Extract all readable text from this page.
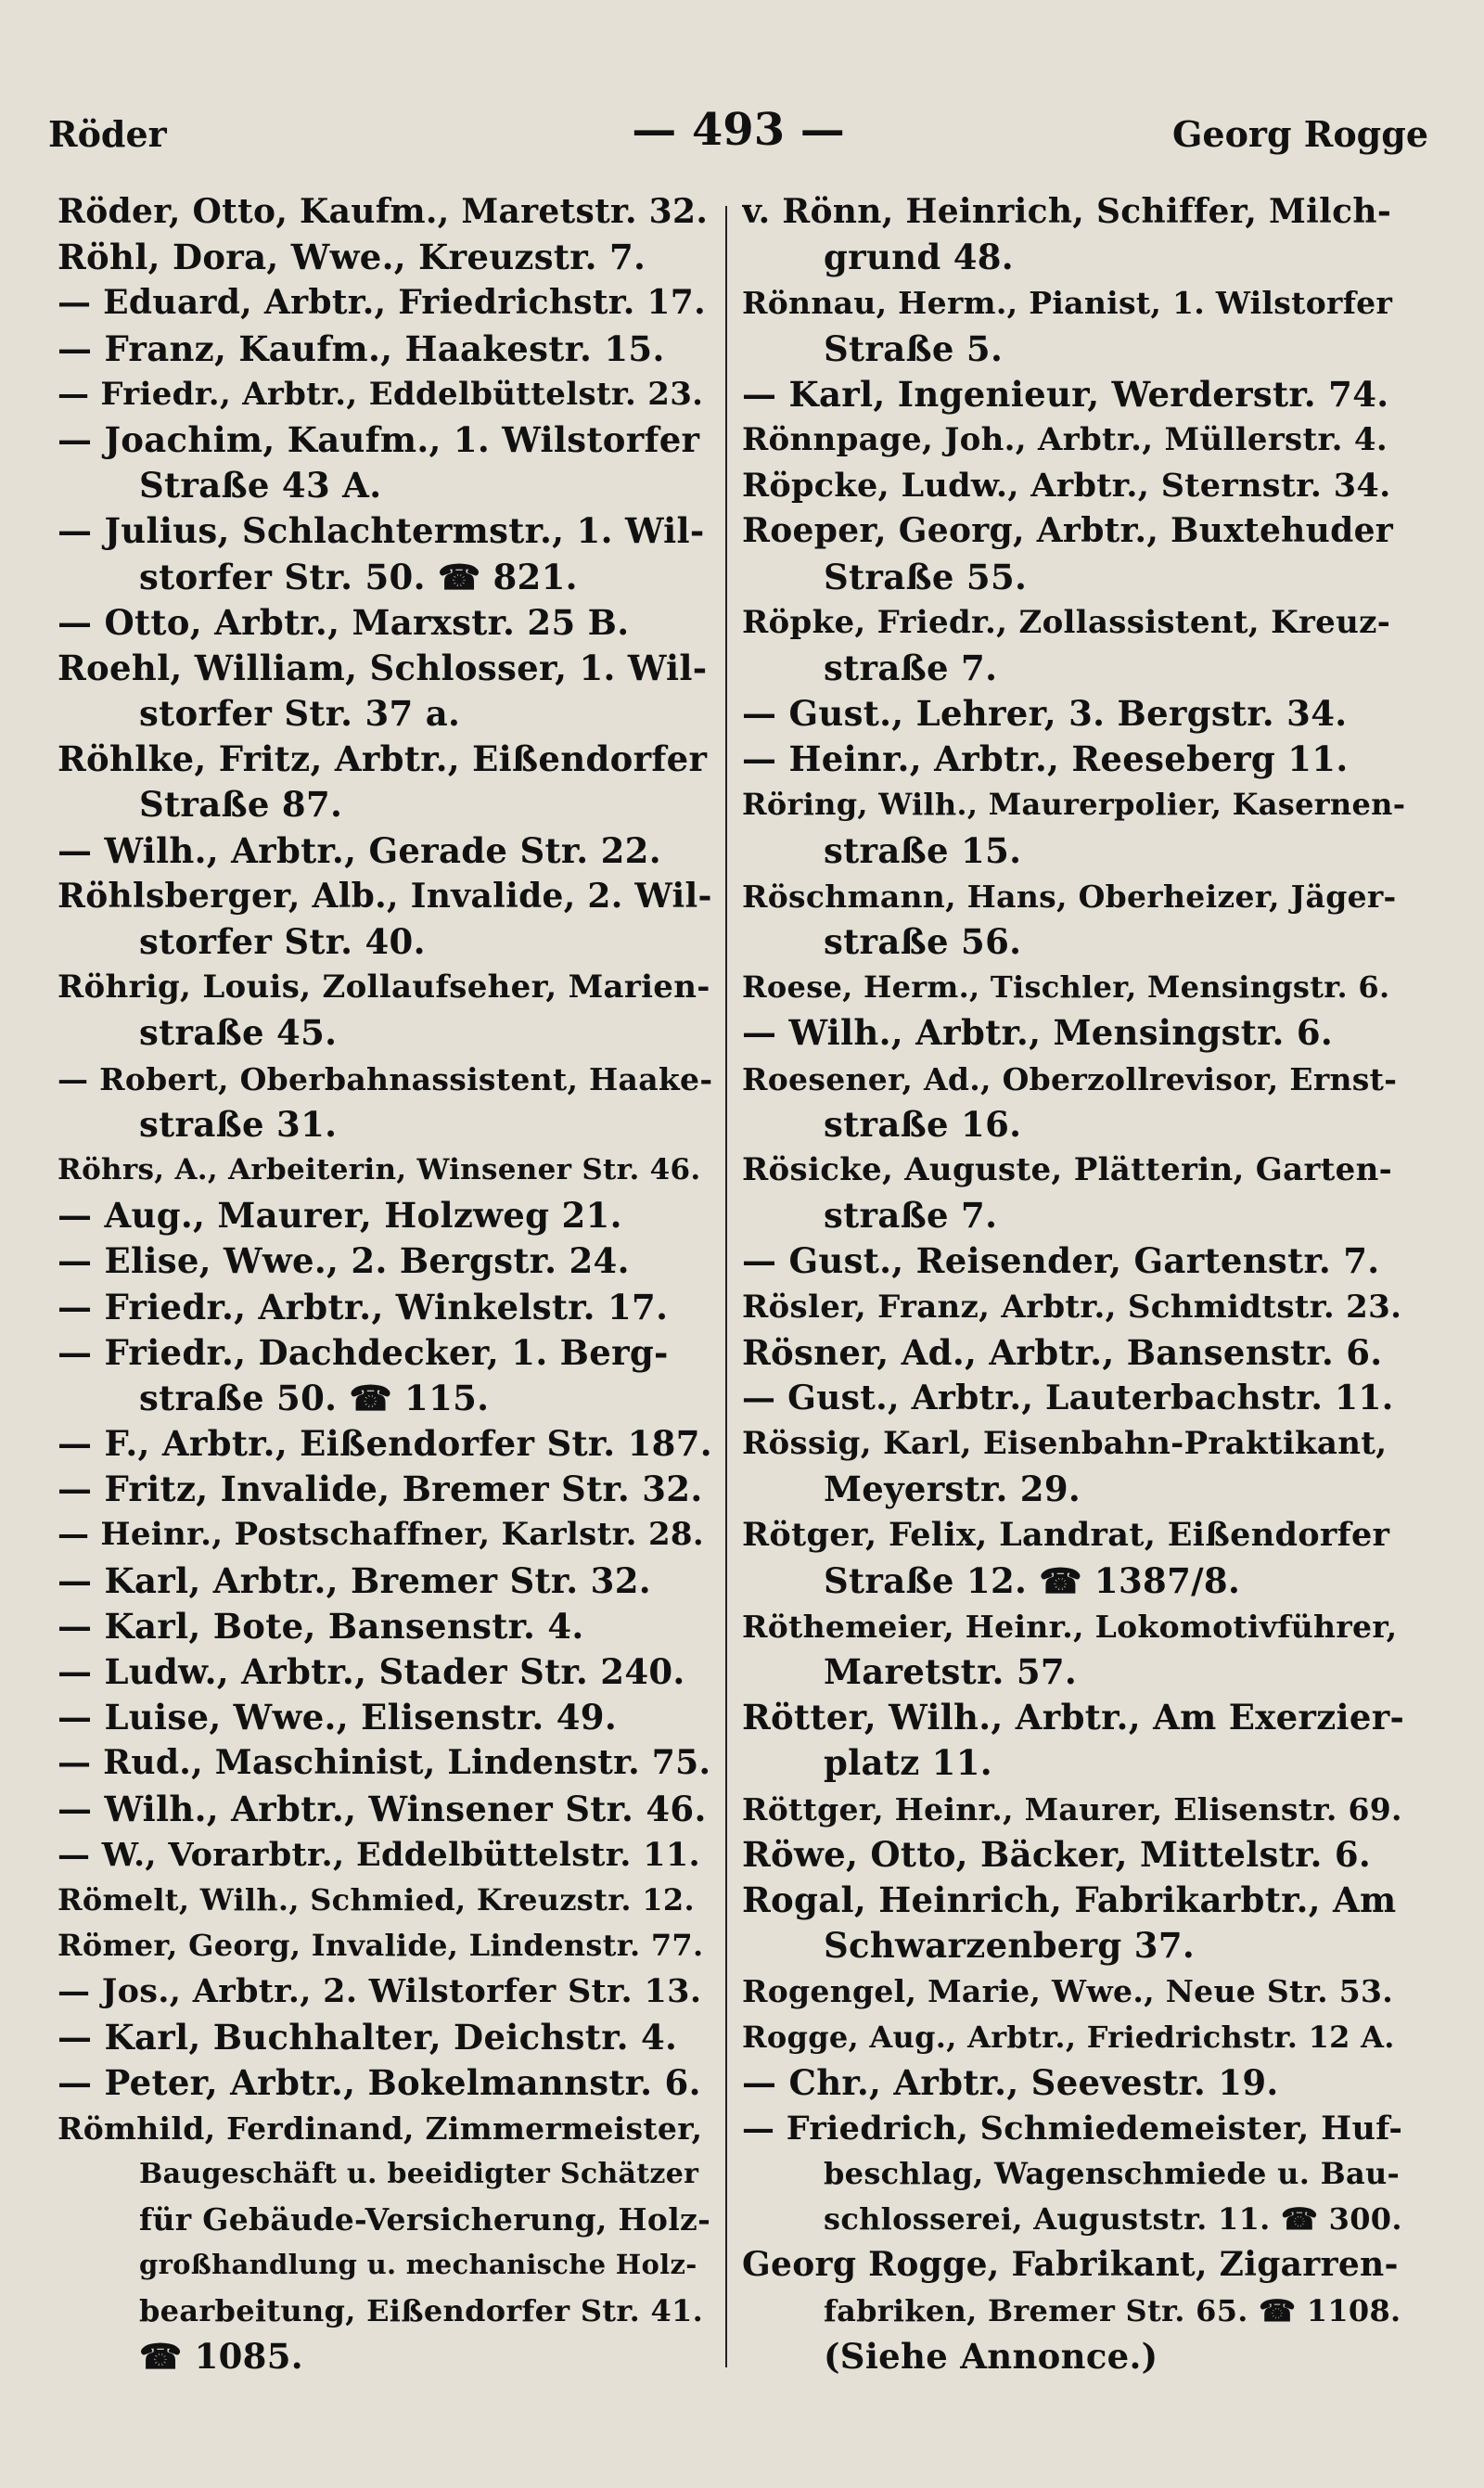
Röder	— 493 —	Georg Rogge
Röder, Otto, Kaufm., Maretstr. 32.
Röhl, Dora, Wwe., Kreuzstr. 7.
— Eduard, Arbtr., Friedrichstr. 17.
— Franz, Kaufm., Haakestr. 15.
— Friedr., Arbtr., Eddelbüttelstr. 23.
— Joachim, Kaufm., 1. Wilstorfer
Straße 43 A.
— Julius, Schlachtermstr., 1. Wil-
storfer Str. 50. ☎ 821.
— Otto, Arbtr., Marxstr. 25 B.
Roehl, William, Schlosser, 1. Wil-
storfer Str. 37 a.
Röhlke, Fritz, Arbtr., Eißendorfer
Straße 87.
— Wilh., Arbtr., Gerade Str. 22.
Röhlsberger, Alb., Invalide, 2. Wil-
storfer Str. 40.
Röhrig, Louis, Zollaufseher, Marien-
straße 45.
— Robert, Oberbahnassistent, Haake-
straße 31.
Röhrs, A., Arbeiterin, Winsener Str. 46.
— Aug., Maurer, Holzweg 21.
— Elise, Wwe., 2. Bergstr. 24.
— Friedr., Arbtr., Winkelstr. 17.
— Friedr., Dachdecker, 1. Berg-
straße 50. ☎ 115.
— F., Arbtr., Eißendorfer Str. 187.
— Fritz, Invalide, Bremer Str. 32.
— Heinr., Postschaffner, Karlstr. 28.
— Karl, Arbtr., Bremer Str. 32.
— Karl, Bote, Bansenstr. 4.
— Ludw., Arbtr., Stader Str. 240.
— Luise, Wwe., Elisenstr. 49.
— Rud., Maschinist, Lindenstr. 75.
— Wilh., Arbtr., Winsener Str. 46.
— W., Vorarbtr., Eddelbüttelstr. 11.
Römelt, Wilh., Schmied, Kreuzstr. 12.
Römer, Georg, Invalide, Lindenstr. 77.
— Jos., Arbtr., 2. Wilstorfer Str. 13.
— Karl, Buchhalter, Deichstr. 4.
— Peter, Arbtr., Bokelmannstr. 6.
Römhild, Ferdinand, Zimmermeister,
Baugeschäft u. beeidigter Schätzer
für Gebäude-Versicherung, Holz-
großhandlung u. mechanische Holz-
bearbeitung, Eißendorfer Str. 41.
☎ 1085.
v. Rönn, Heinrich, Schiffer, Milch-
grund 48.
Rönnau, Herm., Pianist, 1. Wilstorfer
Straße 5.
— Karl, Ingenieur, Werderstr. 74.
Rönnpage, Joh., Arbtr., Müllerstr. 4.
Röpcke, Ludw., Arbtr., Sternstr. 34.
Roeper, Georg, Arbtr., Buxtehuder
Straße 55.
Röpke, Friedr., Zollassistent, Kreuz-
straße 7.
— Gust., Lehrer, 3. Bergstr. 34.
— Heinr., Arbtr., Reeseberg 11.
Röring, Wilh., Maurerpolier, Kasernen-
straße 15.
Röschmann, Hans, Oberheizer, Jäger-
straße 56.
Roese, Herm., Tischler, Mensingstr. 6.
— Wilh., Arbtr., Mensingstr. 6.
Roesener, Ad., Oberzollrevisor, Ernst-
straße 16.
Rösicke, Auguste, Plätterin, Garten-
straße 7.
— Gust., Reisender, Gartenstr. 7.
Rösler, Franz, Arbtr., Schmidtstr. 23.
Rösner, Ad., Arbtr., Bansenstr. 6.
— Gust., Arbtr., Lauterbachstr. 11.
Rössig, Karl, Eisenbahn-Praktikant,
Meyerstr. 29.
Rötger, Felix, Landrat, Eißendorfer
Straße 12. ☎ 1387/8.
Röthemeier, Heinr., Lokomotivführer,
Maretstr. 57.
Rötter, Wilh., Arbtr., Am Exerzier-
platz 11.
Röttger, Heinr., Maurer, Elisenstr. 69.
Röwe, Otto, Bäcker, Mittelstr. 6.
Rogal, Heinrich, Fabrikarbtr., Am
Schwarzenberg 37.
Rogengel, Marie, Wwe., Neue Str. 53.
Rogge, Aug., Arbtr., Friedrichstr. 12 A.
— Chr., Arbtr., Seevestr. 19.
— Friedrich, Schmiedemeister, Huf-
beschlag, Wagenschmiede u. Bau-
schlosserei, Auguststr. 11. ☎ 300.
Georg Rogge, Fabrikant, Zigarren-
fabriken, Bremer Str. 65. ☎ 1108.
(Siehe Annonce.)
